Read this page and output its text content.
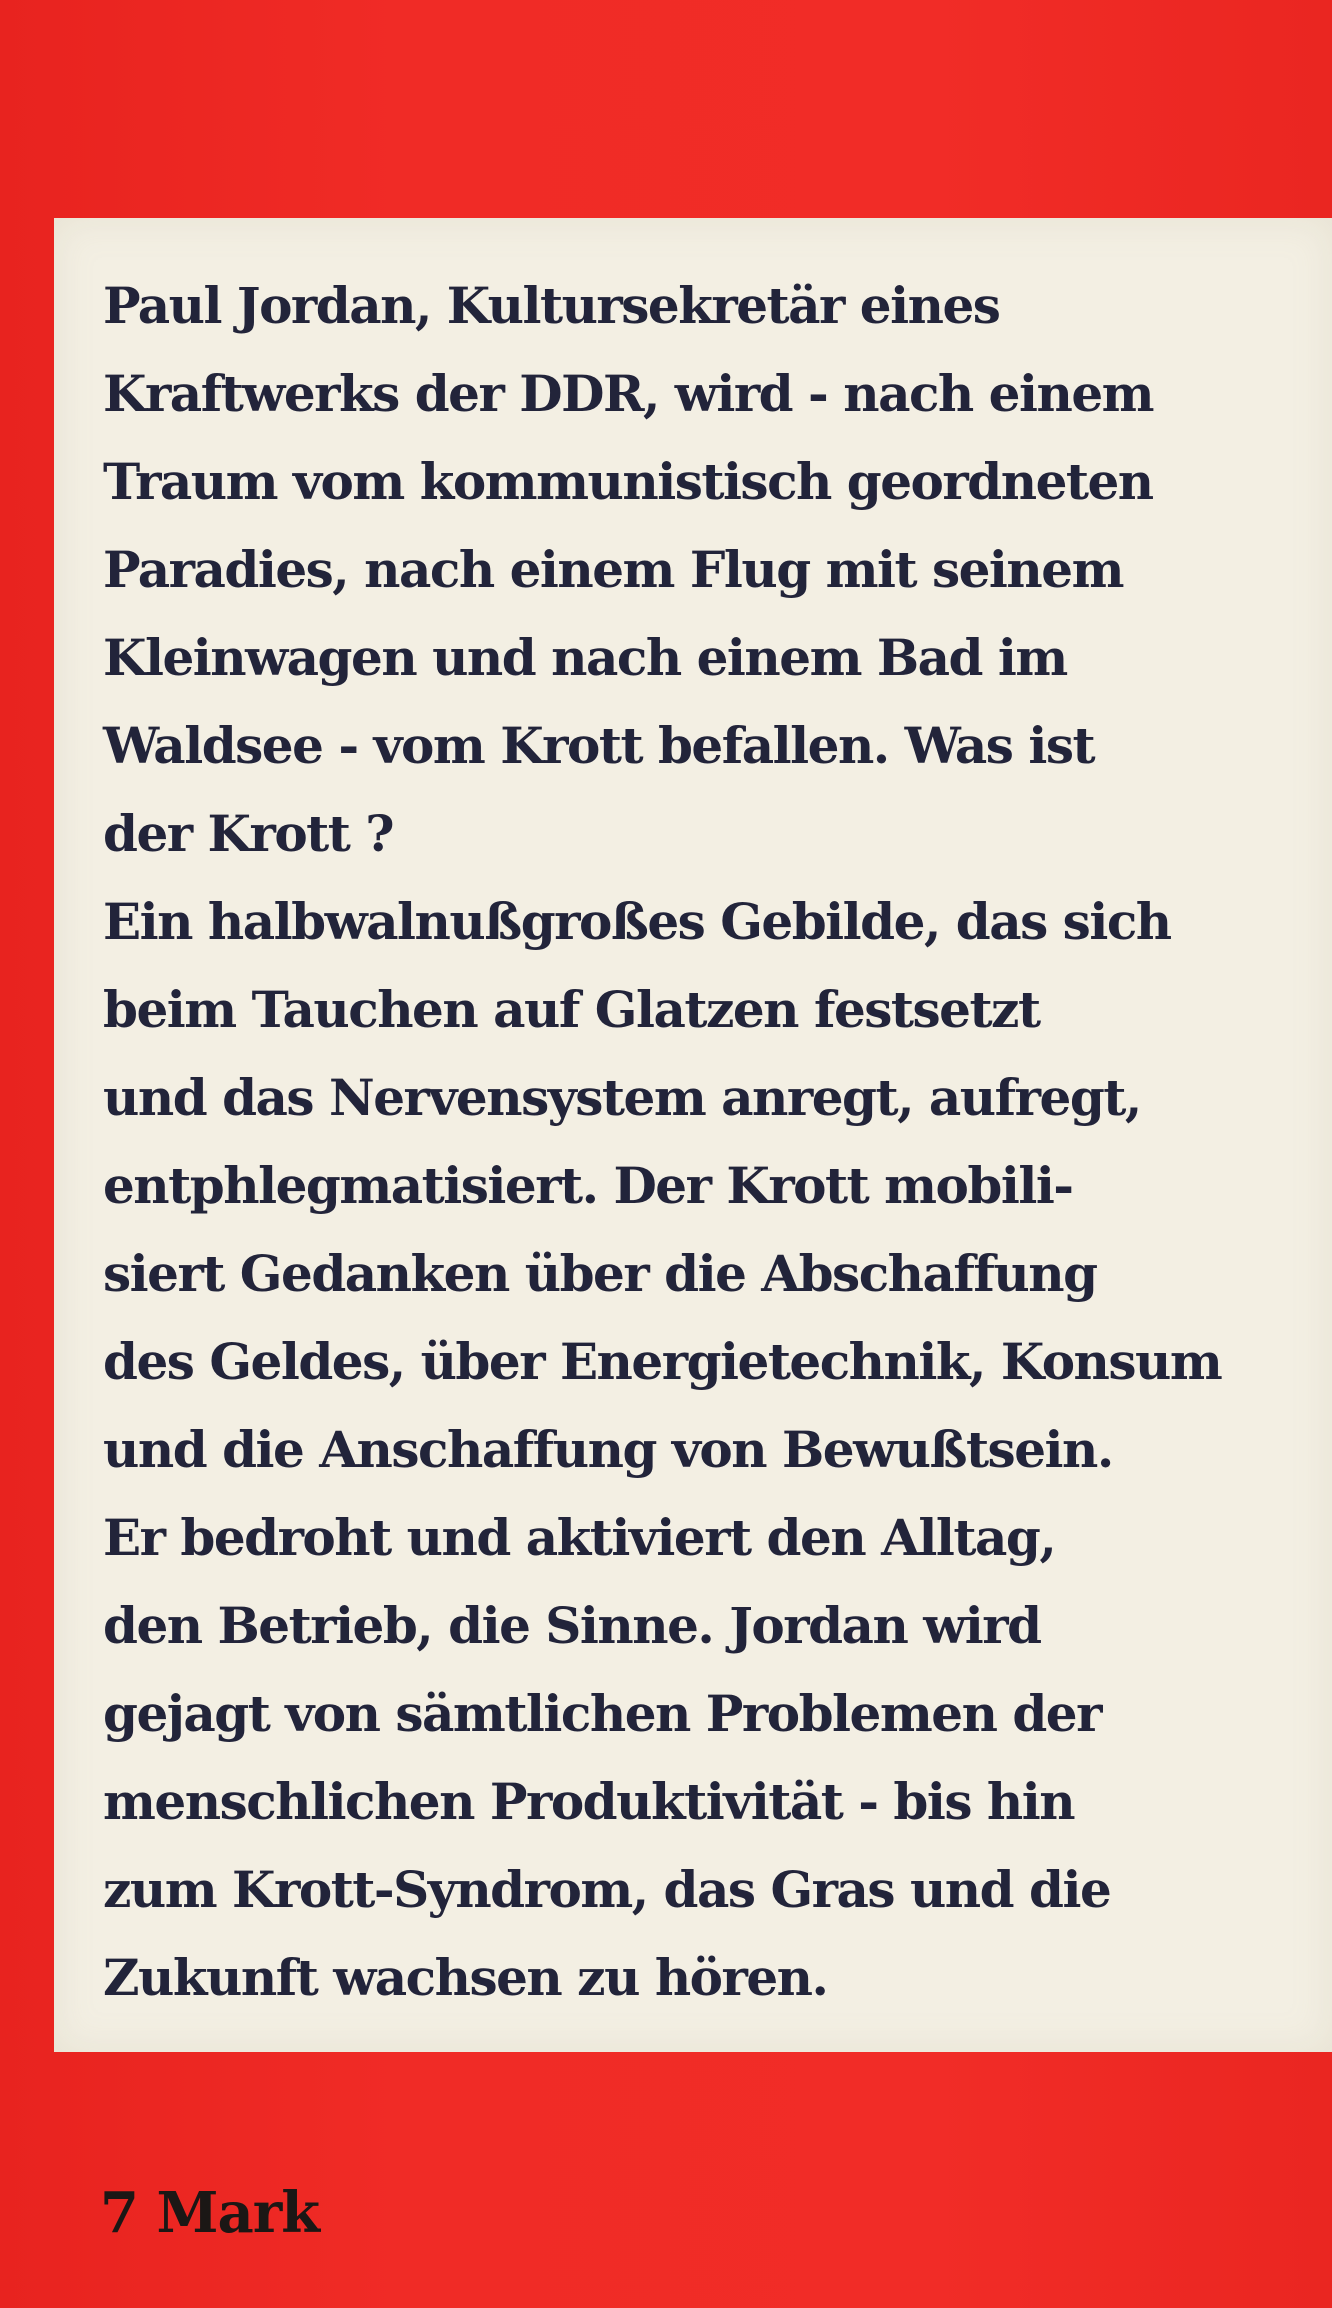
Paul Jordan, Kultursekretär eines
Kraftwerks der DDR, wird - nach einem
Traum vom kommunistisch geordneten
Paradies, nach einem Flug mit seinem
Kleinwagen und nach einem Bad im
Waldsee - vom Krott befallen. Was ist
der Krott ?
Ein halbwalnußgroßes Gebilde, das sich
beim Tauchen auf Glatzen festsetzt
und das Nervensystem anregt, aufregt,
entphlegmatisiert. Der Krott mobili-
siert Gedanken über die Abschaffung
des Geldes, über Energietechnik, Konsum
und die Anschaffung von Bewußtsein.
Er bedroht und aktiviert den Alltag,
den Betrieb, die Sinne. Jordan wird
gejagt von sämtlichen Problemen der
menschlichen Produktivität - bis hin
zum Krott-Syndrom, das Gras und die
Zukunft wachsen zu hören.

7 Mark
